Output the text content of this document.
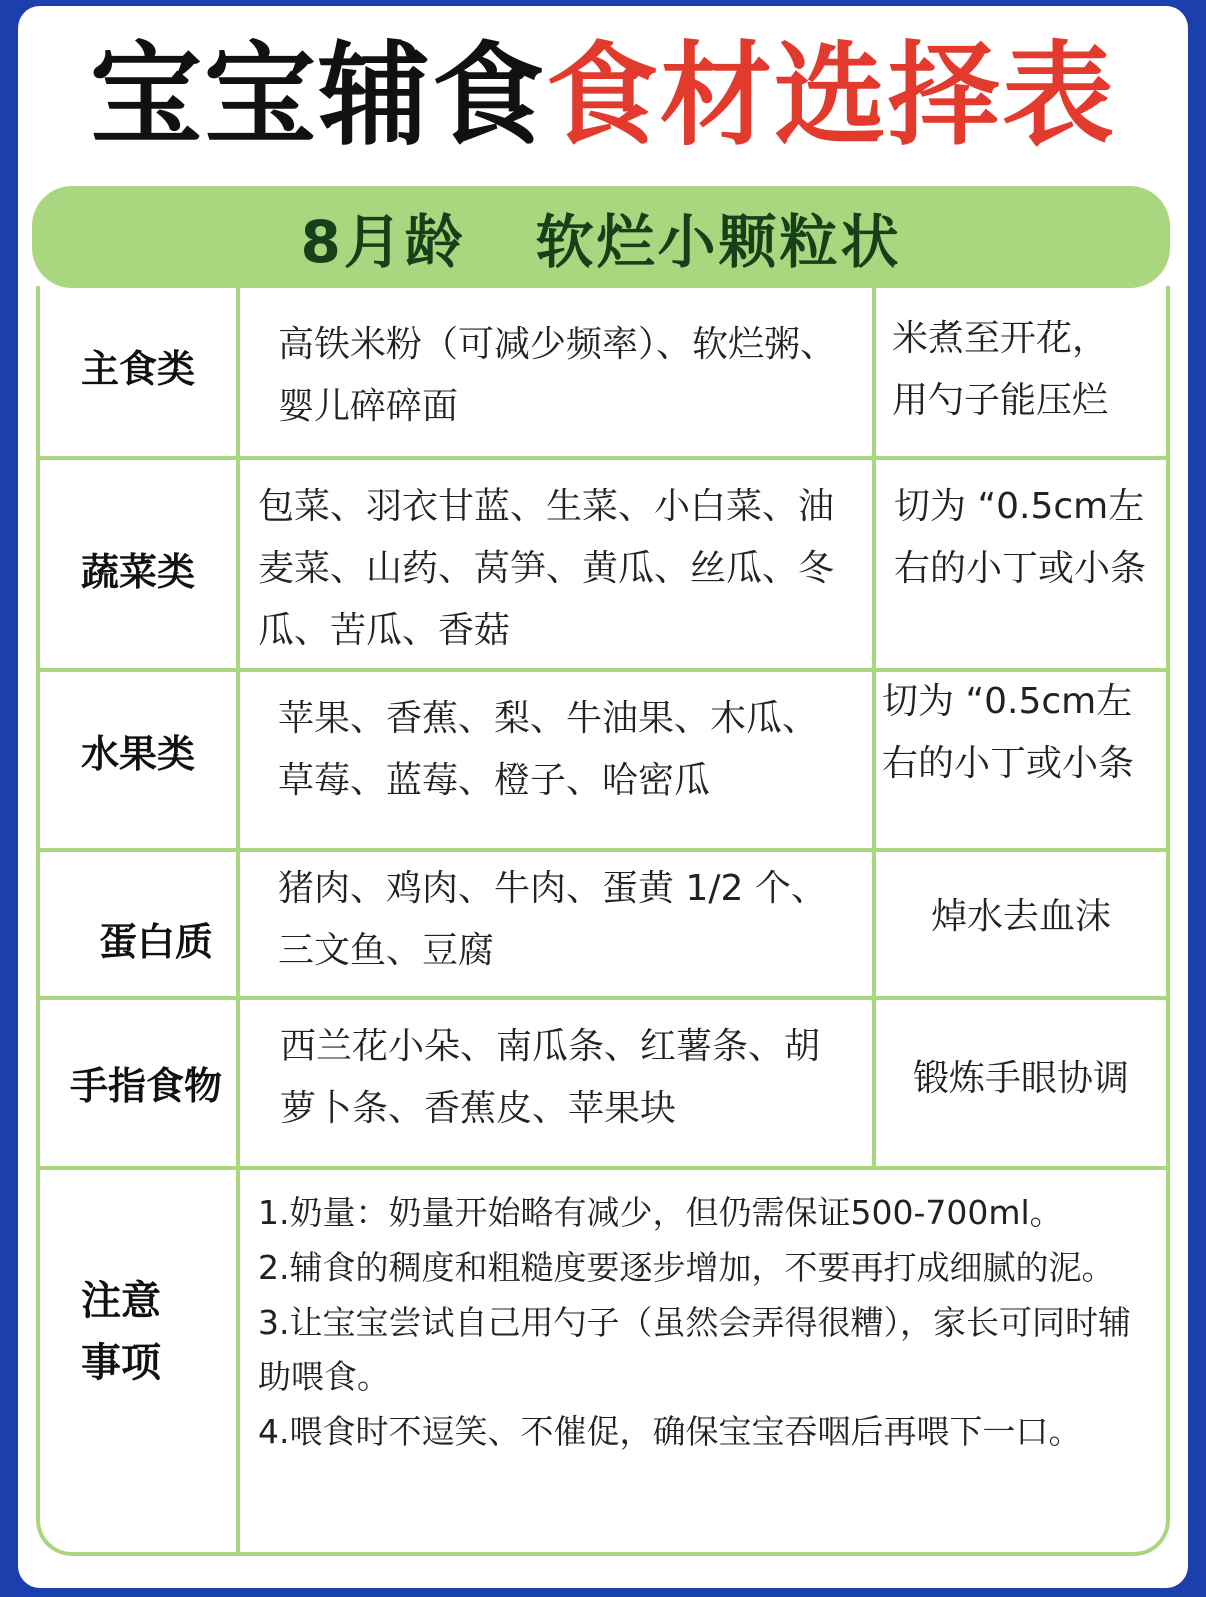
宝宝辅食食材选择表
8月龄   软烂小颗粒状
主食类
高铁米粉（可减少频率）、软烂粥、婴儿碎碎面
米煮至开花，用勺子能压烂
蔬菜类
包菜、羽衣甘蓝、生菜、小白菜、油麦菜、山药、莴笋、黄瓜、丝瓜、冬瓜、苦瓜、香菇
切为 “0.5cm左右的小丁或小条
水果类
苹果、香蕉、梨、牛油果、木瓜、草莓、蓝莓、橙子、哈密瓜
切为 “0.5cm左右的小丁或小条
蛋白质
猪肉、鸡肉、牛肉、蛋黄 1/2 个、三文鱼、豆腐
焯水去血沫
手指食物
西兰花小朵、南瓜条、红薯条、胡萝卜条、香蕉皮、苹果块
锻炼手眼协调
注意事项
1.奶量：奶量开始略有减少，但仍需保证500-700ml。
2.辅食的稠度和粗糙度要逐步增加，不要再打成细腻的泥。
3.让宝宝尝试自己用勺子（虽然会弄得很糟），家长可同时辅助喂食。
4.喂食时不逗笑、不催促，确保宝宝吞咽后再喂下一口。
